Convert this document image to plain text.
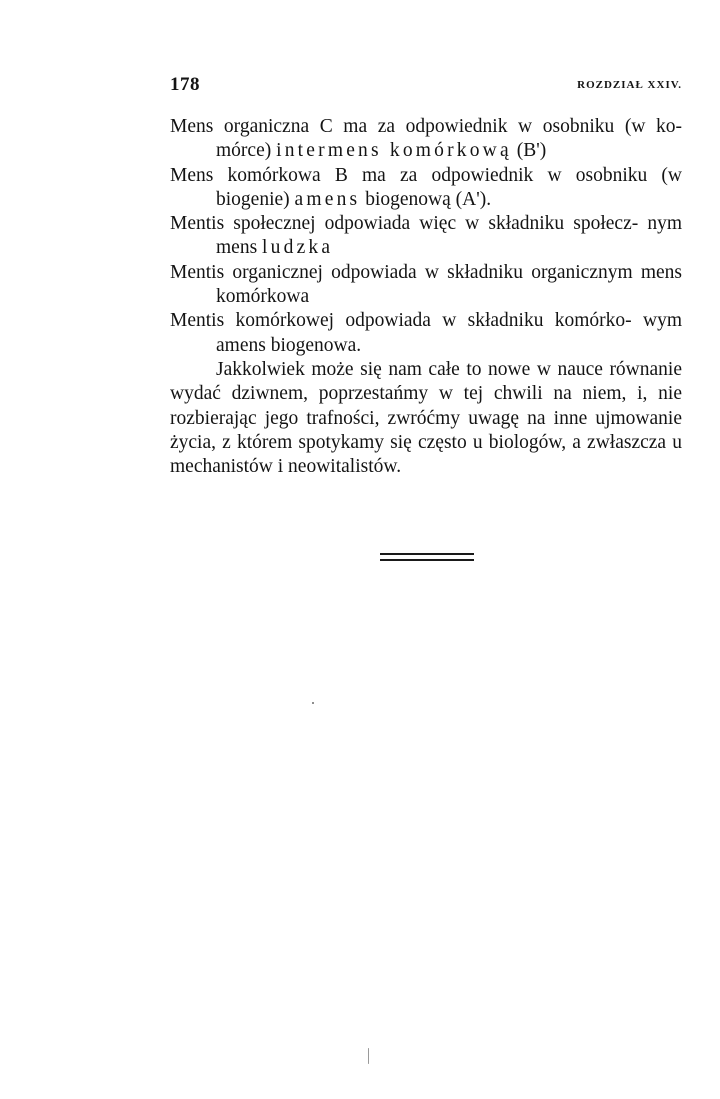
178	ROZDZIAŁ XXIV.

Mens organiczna C ma za odpowiednik w osobniku (w ko‑ mórce) intermens komórkową (B')

Mens komórkowa B ma za odpowiednik w osobniku (w biogenie) amens biogenową (A').

Mentis społecznej odpowiada więc w składniku społecz‑ nym mens ludzka

Mentis organicznej odpowiada w składniku organicznym mens komórkowa

Mentis komórkowej odpowiada w składniku komórko‑ wym amens biogenowa.

Jakkolwiek może się nam całe to nowe w nauce równanie wydać dziwnem, poprzestańmy w tej chwili na niem, i, nie rozbierając jego trafności, zwróćmy uwagę na inne ujmowanie życia, z którem spotykamy się często u biologów, a zwłaszcza u mechanistów i neowitalistów.
